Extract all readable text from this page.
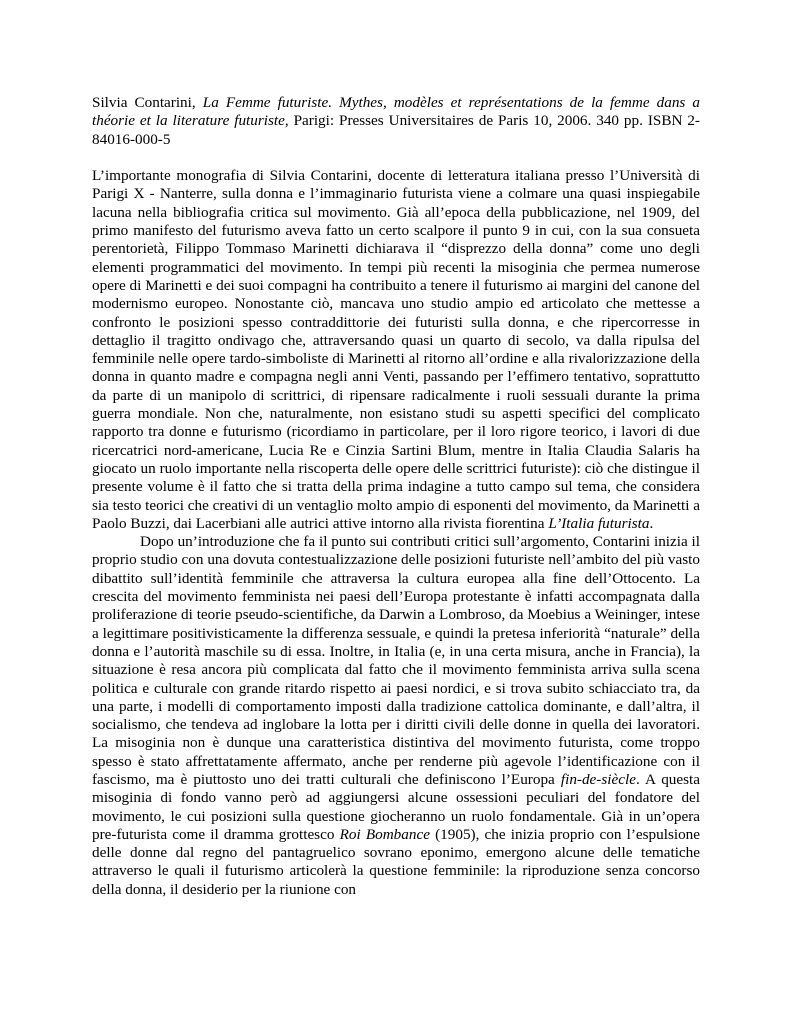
Silvia Contarini, La Femme futuriste. Mythes, modèles et représentations de la femme dans a théorie et la literature futuriste, Parigi: Presses Universitaires de Paris 10, 2006. 340 pp. ISBN 2-84016-000-5

L’importante monografia di Silvia Contarini, docente di letteratura italiana presso l’Università di Parigi X - Nanterre, sulla donna e l’immaginario futurista viene a colmare una quasi inspiegabile lacuna nella bibliografia critica sul movimento. Già all’epoca della pubblicazione, nel 1909, del primo manifesto del futurismo aveva fatto un certo scalpore il punto 9 in cui, con la sua consueta perentorietà, Filippo Tommaso Marinetti dichiarava il “disprezzo della donna” come uno degli elementi programmatici del movimento. In tempi più recenti la misoginia che permea numerose opere di Marinetti e dei suoi compagni ha contribuito a tenere il futurismo ai margini del canone del modernismo europeo. Nonostante ciò, mancava uno studio ampio ed articolato che mettesse a confronto le posizioni spesso contraddittorie dei futuristi sulla donna, e che ripercorresse in dettaglio il tragitto ondivago che, attraversando quasi un quarto di secolo, va dalla ripulsa del femminile nelle opere tardo-simboliste di Marinetti al ritorno all’ordine e alla rivalorizzazione della donna in quanto madre e compagna negli anni Venti, passando per l’effimero tentativo, soprattutto da parte di un manipolo di scrittrici, di ripensare radicalmente i ruoli sessuali durante la prima guerra mondiale. Non che, naturalmente, non esistano studi su aspetti specifici del complicato rapporto tra donne e futurismo (ricordiamo in particolare, per il loro rigore teorico, i lavori di due ricercatrici nord-americane, Lucia Re e Cinzia Sartini Blum, mentre in Italia Claudia Salaris ha giocato un ruolo importante nella riscoperta delle opere delle scrittrici futuriste): ciò che distingue il presente volume è il fatto che si tratta della prima indagine a tutto campo sul tema, che considera sia testo teorici che creativi di un ventaglio molto ampio di esponenti del movimento, da Marinetti a Paolo Buzzi, dai Lacerbiani alle autrici attive intorno alla rivista fiorentina L’Italia futurista.

Dopo un’introduzione che fa il punto sui contributi critici sull’argomento, Contarini inizia il proprio studio con una dovuta contestualizzazione delle posizioni futuriste nell’ambito del più vasto dibattito sull’identità femminile che attraversa la cultura europea alla fine dell’Ottocento. La crescita del movimento femminista nei paesi dell’Europa protestante è infatti accompagnata dalla proliferazione di teorie pseudo-scientifiche, da Darwin a Lombroso, da Moebius a Weininger, intese a legittimare positivisticamente la differenza sessuale, e quindi la pretesa inferiorità “naturale” della donna e l’autorità maschile su di essa. Inoltre, in Italia (e, in una certa misura, anche in Francia), la situazione è resa ancora più complicata dal fatto che il movimento femminista arriva sulla scena politica e culturale con grande ritardo rispetto ai paesi nordici, e si trova subito schiacciato tra, da una parte, i modelli di comportamento imposti dalla tradizione cattolica dominante, e dall’altra, il socialismo, che tendeva ad inglobare la lotta per i diritti civili delle donne in quella dei lavoratori. La misoginia non è dunque una caratteristica distintiva del movimento futurista, come troppo spesso è stato affrettatamente affermato, anche per renderne più agevole l’identificazione con il fascismo, ma è piuttosto uno dei tratti culturali che definiscono l’Europa fin-de-siècle. A questa misoginia di fondo vanno però ad aggiungersi alcune ossessioni peculiari del fondatore del movimento, le cui posizioni sulla questione giocheranno un ruolo fondamentale. Già in un’opera pre-futurista come il dramma grottesco Roi Bombance (1905), che inizia proprio con l’espulsione delle donne dal regno del pantagruelico sovrano eponimo, emergono alcune delle tematiche attraverso le quali il futurismo articolerà la questione femminile: la riproduzione senza concorso della donna, il desiderio per la riunione con
